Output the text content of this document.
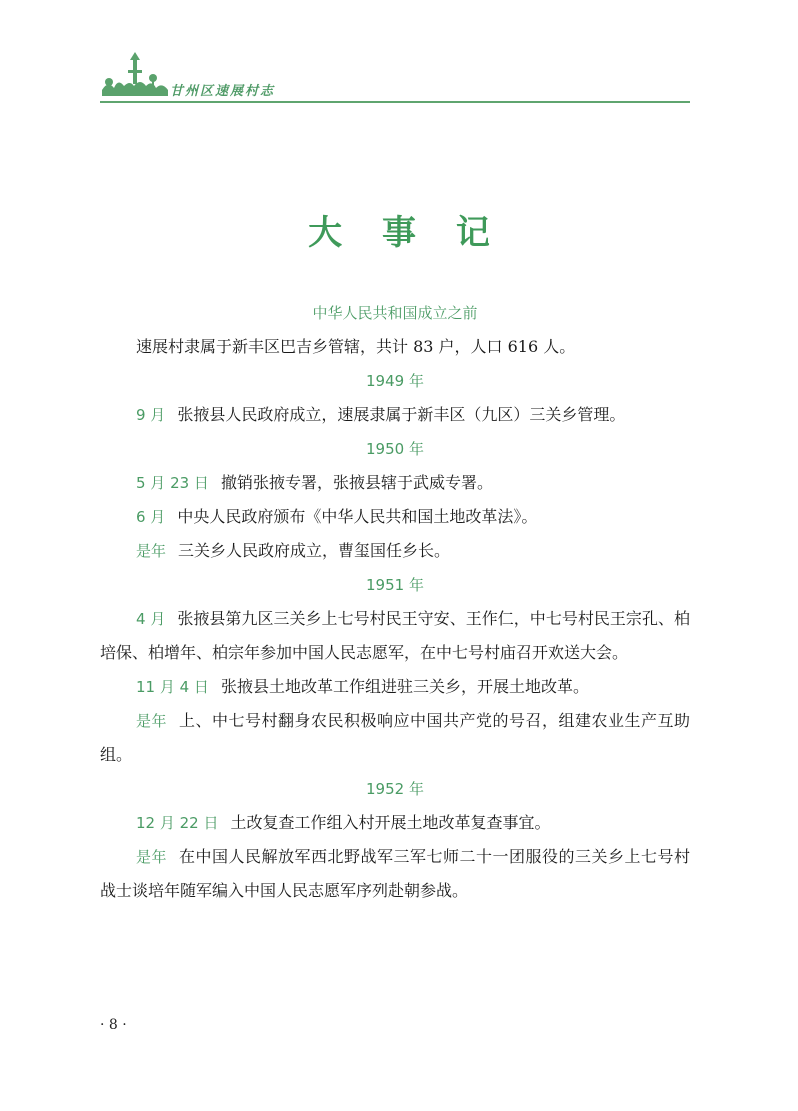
甘州区速展村志
大 事 记
中华人民共和国成立之前

速展村隶属于新丰区巴吉乡管辖，共计 83 户，人口 616 人。

1949 年

9 月 张掖县人民政府成立，速展隶属于新丰区（九区）三关乡管理。

1950 年

5 月 23 日 撤销张掖专署，张掖县辖于武威专署。

6 月 中央人民政府颁布《中华人民共和国土地改革法》。

是年 三关乡人民政府成立，曹玺国任乡长。

1951 年

4 月 张掖县第九区三关乡上七号村民王守安、王作仁，中七号村民王宗孔、柏培保、柏增年、柏宗年参加中国人民志愿军，在中七号村庙召开欢送大会。

11 月 4 日 张掖县土地改革工作组进驻三关乡，开展土地改革。

是年 上、中七号村翻身农民积极响应中国共产党的号召，组建农业生产互助组。

1952 年

12 月 22 日 土改复查工作组入村开展土地改革复查事宜。

是年 在中国人民解放军西北野战军三军七师二十一团服役的三关乡上七号村战士谈培年随军编入中国人民志愿军序列赴朝参战。

· 8 ·
